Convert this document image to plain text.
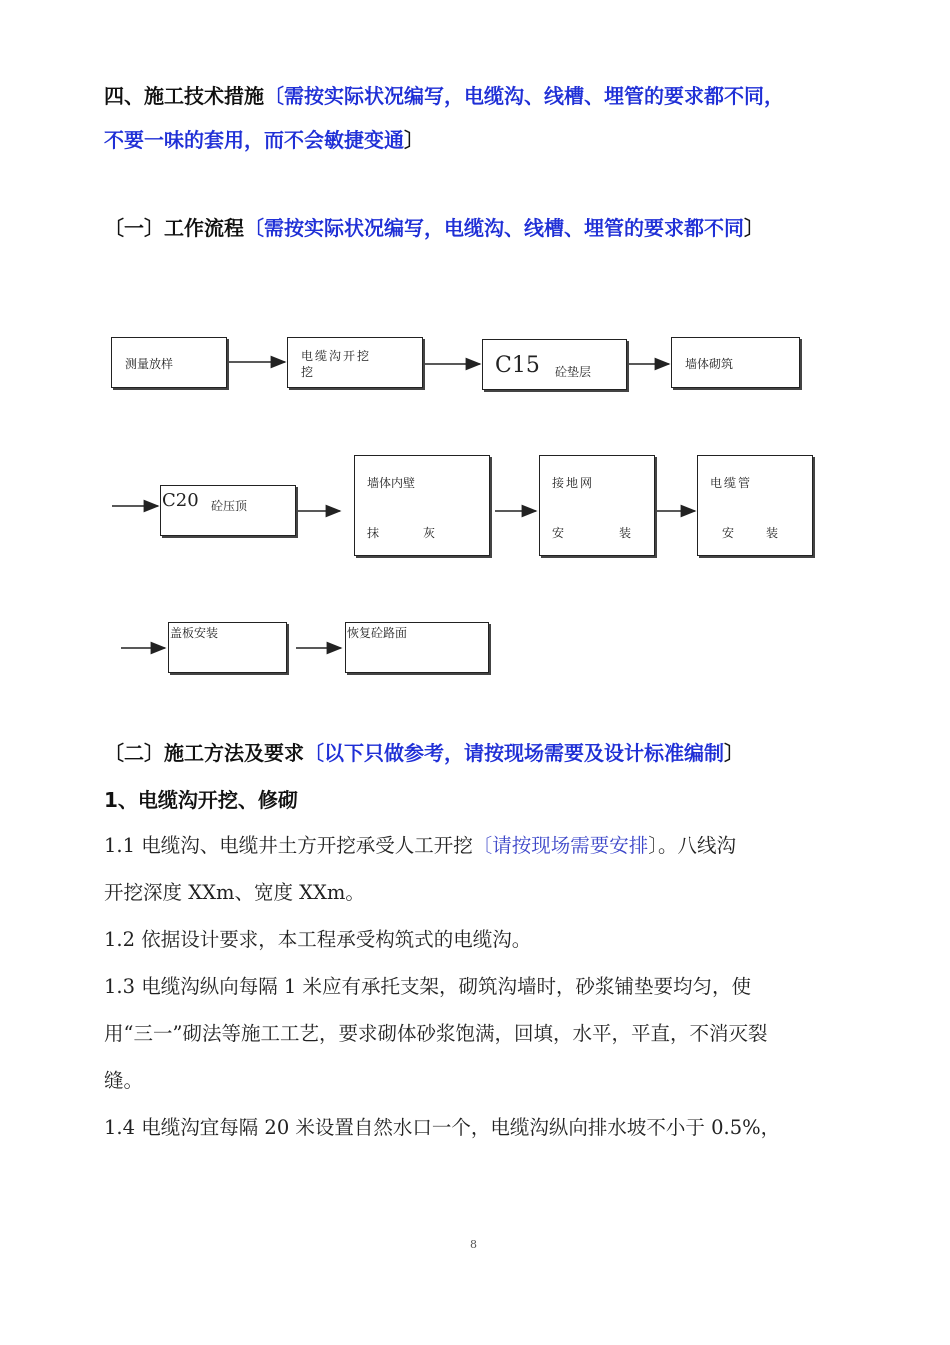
四、施工技术措施〔需按实际状况编写，电缆沟、线槽、埋管的要求都不同，
不要一味的套用，而不会敏捷变通〕
〔一〕工作流程〔需按实际状况编写，电缆沟、线槽、埋管的要求都不同〕
测量放样
电缆沟开挖
挖	C15 砼垫层
墙体砌筑
C20 砼压顶
墙体内壁
抹	灰
接地网
安	装
电缆管
安	装
盖板安装	恢复砼路面
〔二〕施工方法及要求〔以下只做参考，请按现场需要及设计标准编制〕
1、电缆沟开挖、修砌
1.1 电缆沟、电缆井土方开挖承受人工开挖〔请按现场需要安排〕。八线沟
开挖深度 XXm、宽度 XXm。
1.2 依据设计要求，本工程承受构筑式的电缆沟。
1.3 电缆沟纵向每隔 1 米应有承托支架，砌筑沟墙时，砂浆铺垫要均匀，使
用“三一”砌法等施工工艺，要求砌体砂浆饱满，回填，水平，平直，不消灭裂
缝。
1.4 电缆沟宜每隔 20 米设置自然水口一个，电缆沟纵向排水坡不小于 0.5%，
8
